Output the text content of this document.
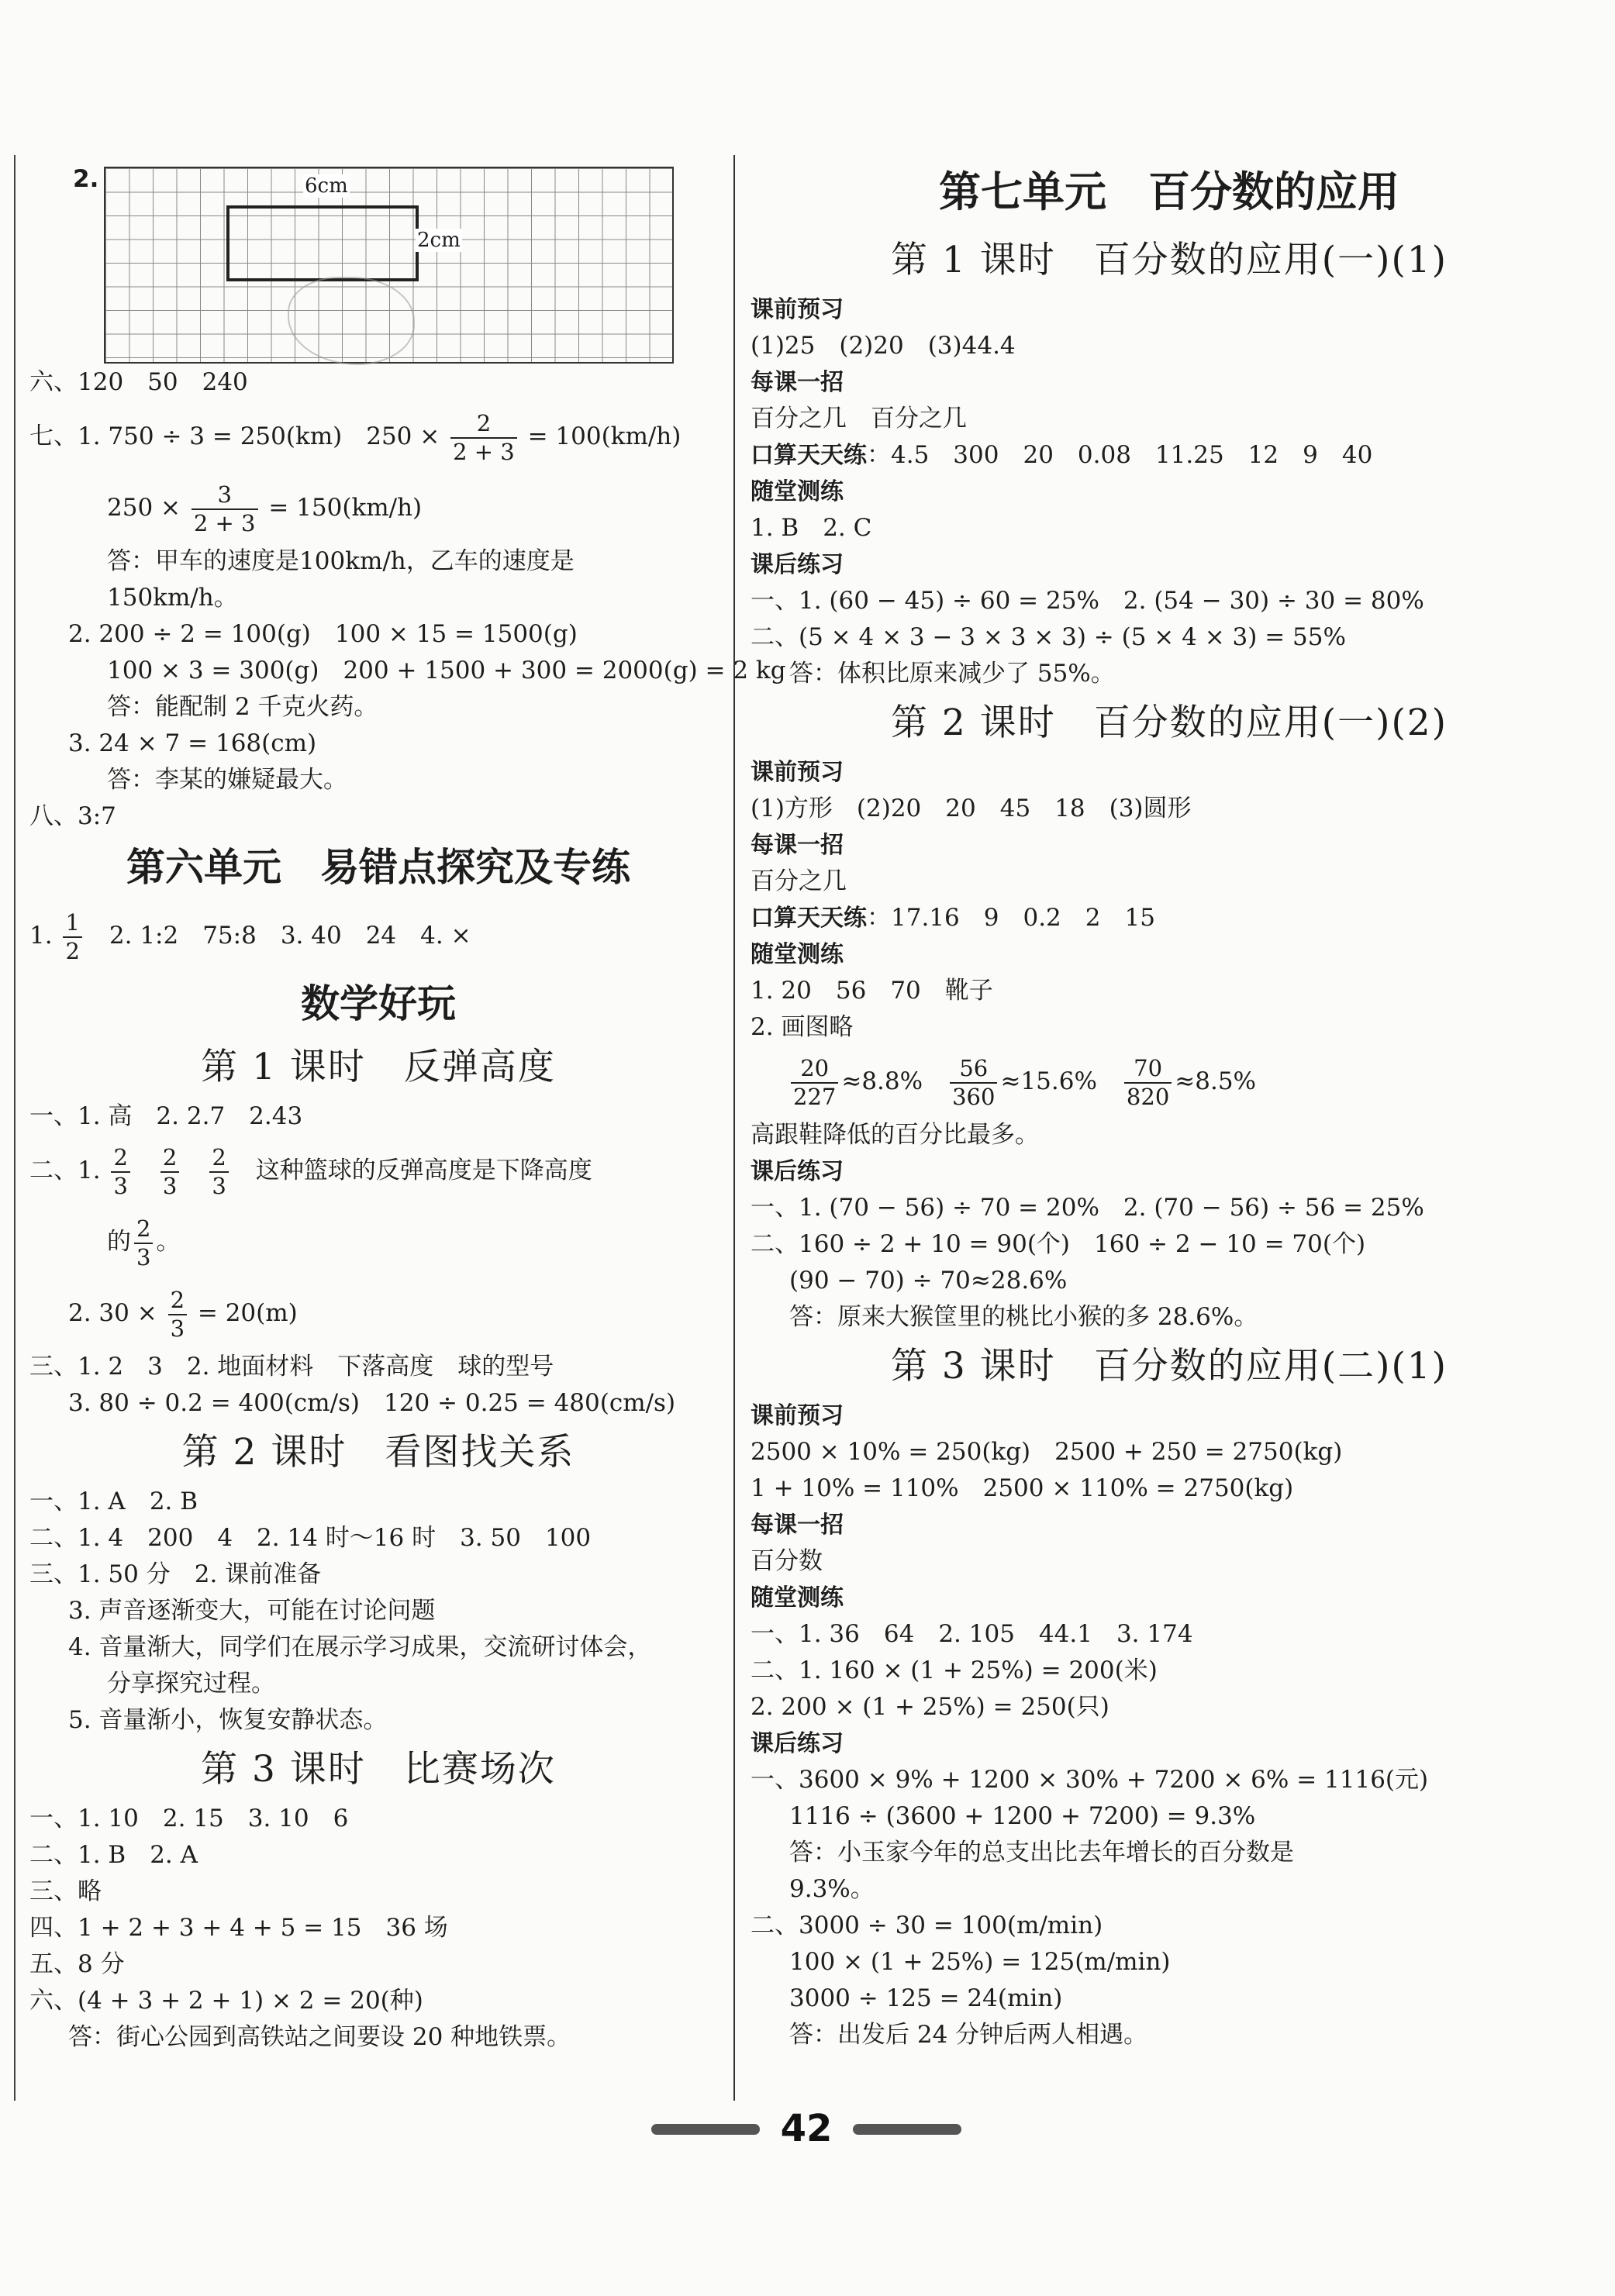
2.	6cm
2cm
六、120　50　240
七、1. 750 ÷ 3 = 250(km)　$250 \times \frac{2}{2 + 3} = 100(km/h)$
$250 \times \frac{3}{2 + 3} = 150(km/h)$
答：甲车的速度是100km/h，乙车的速度是
150km/h。
2. 200 ÷ 2 = 100(g)　100 × 15 = 1500(g)
100 × 3 = 300(g)　200 + 1500 + 300 = 2000(g) = 2 kg
答：能配制 2 千克火药。
3. 24 × 7 = 168(cm)
答：李某的嫌疑最大。
八、3:7
第六单元　易错点探究及专练
1. $\frac{1}{2}$ 　2. 1:2　75:8　3. 40　24　4. ×
数学好玩
第 1 课时　反弹高度
一、1. 高　2. 2.7　2.43
二、1. $\frac{2}{3}$
　 $\frac{2}{3}$
　 $\frac{2}{3}$ 　这种篮球的反弹高度是下降高度
的 $\frac{2}{3}$ 。
2. $30 \times \frac{2}{3} = 20(m)$
三、1. 2　3　2. 地面材料　下落高度　球的型号
3. 80 ÷ 0.2 = 400(cm/s)　120 ÷ 0.25 = 480(cm/s)
第 2 课时　看图找关系
一、1. A　2. B
二、1. 4　200　4　2. 14 时～16 时　3. 50　100
三、1. 50 分　2. 课前准备
3. 声音逐渐变大，可能在讨论问题
4. 音量渐大，同学们在展示学习成果，交流研讨体会，
分享探究过程。
5. 音量渐小，恢复安静状态。
第 3 课时　比赛场次
一、1. 10　2. 15　3. 10　6
二、1. B　2. A
三、略
四、1 + 2 + 3 + 4 + 5 = 15　36 场
五、8 分
六、(4 + 3 + 2 + 1) × 2 = 20(种)
答：街心公园到高铁站之间要设 20 种地铁票。
第七单元　百分数的应用
第 1 课时　百分数的应用(一)(1)
课前预习
(1)25　(2)20　(3)44.4
每课一招
百分之几　百分之几
口算天天练：4.5　300　20　0.08　11.25　12　9　40
随堂测练
1. B　2. C
课后练习
一、1. (60 − 45) ÷ 60 = 25%　2. (54 − 30) ÷ 30 = 80%
二、(5 × 4 × 3 − 3 × 3 × 3) ÷ (5 × 4 × 3) = 55%
答：体积比原来减少了 55%。
第 2 课时　百分数的应用(一)(2)
课前预习
(1)方形　(2)20　20　45　18　(3)圆形
每课一招
百分之几
口算天天练：17.16　9　0.2　2　15
随堂测练
1. 20　56　70　靴子
2. 画图略
$\frac{20}{227} \approx 8.8\%$　 $\frac{56}{360} \approx 15.6\%$　 $\frac{70}{820} \approx 8.5\%$
高跟鞋降低的百分比最多。
课后练习
一、1. (70 − 56) ÷ 70 = 20%　2. (70 − 56) ÷ 56 = 25%
二、160 ÷ 2 + 10 = 90(个)　160 ÷ 2 − 10 = 70(个)
(90 − 70) ÷ 70≈28.6%
答：原来大猴筐里的桃比小猴的多 28.6%。
第 3 课时　百分数的应用(二)(1)
课前预习
2500 × 10% = 250(kg)　2500 + 250 = 2750(kg)
1 + 10% = 110%　2500 × 110% = 2750(kg)
每课一招
百分数
随堂测练
一、1. 36　64　2. 105　44.1　3. 174
二、1. 160 × (1 + 25%) = 200(米)
2. 200 × (1 + 25%) = 250(只)
课后练习
一、3600 × 9% + 1200 × 30% + 7200 × 6% = 1116(元)
1116 ÷ (3600 + 1200 + 7200) = 9.3%
答：小玉家今年的总支出比去年增长的百分数是
9.3%。
二、3000 ÷ 30 = 100(m/min)
100 × (1 + 25%) = 125(m/min)
3000 ÷ 125 = 24(min)
答：出发后 24 分钟后两人相遇。
42
